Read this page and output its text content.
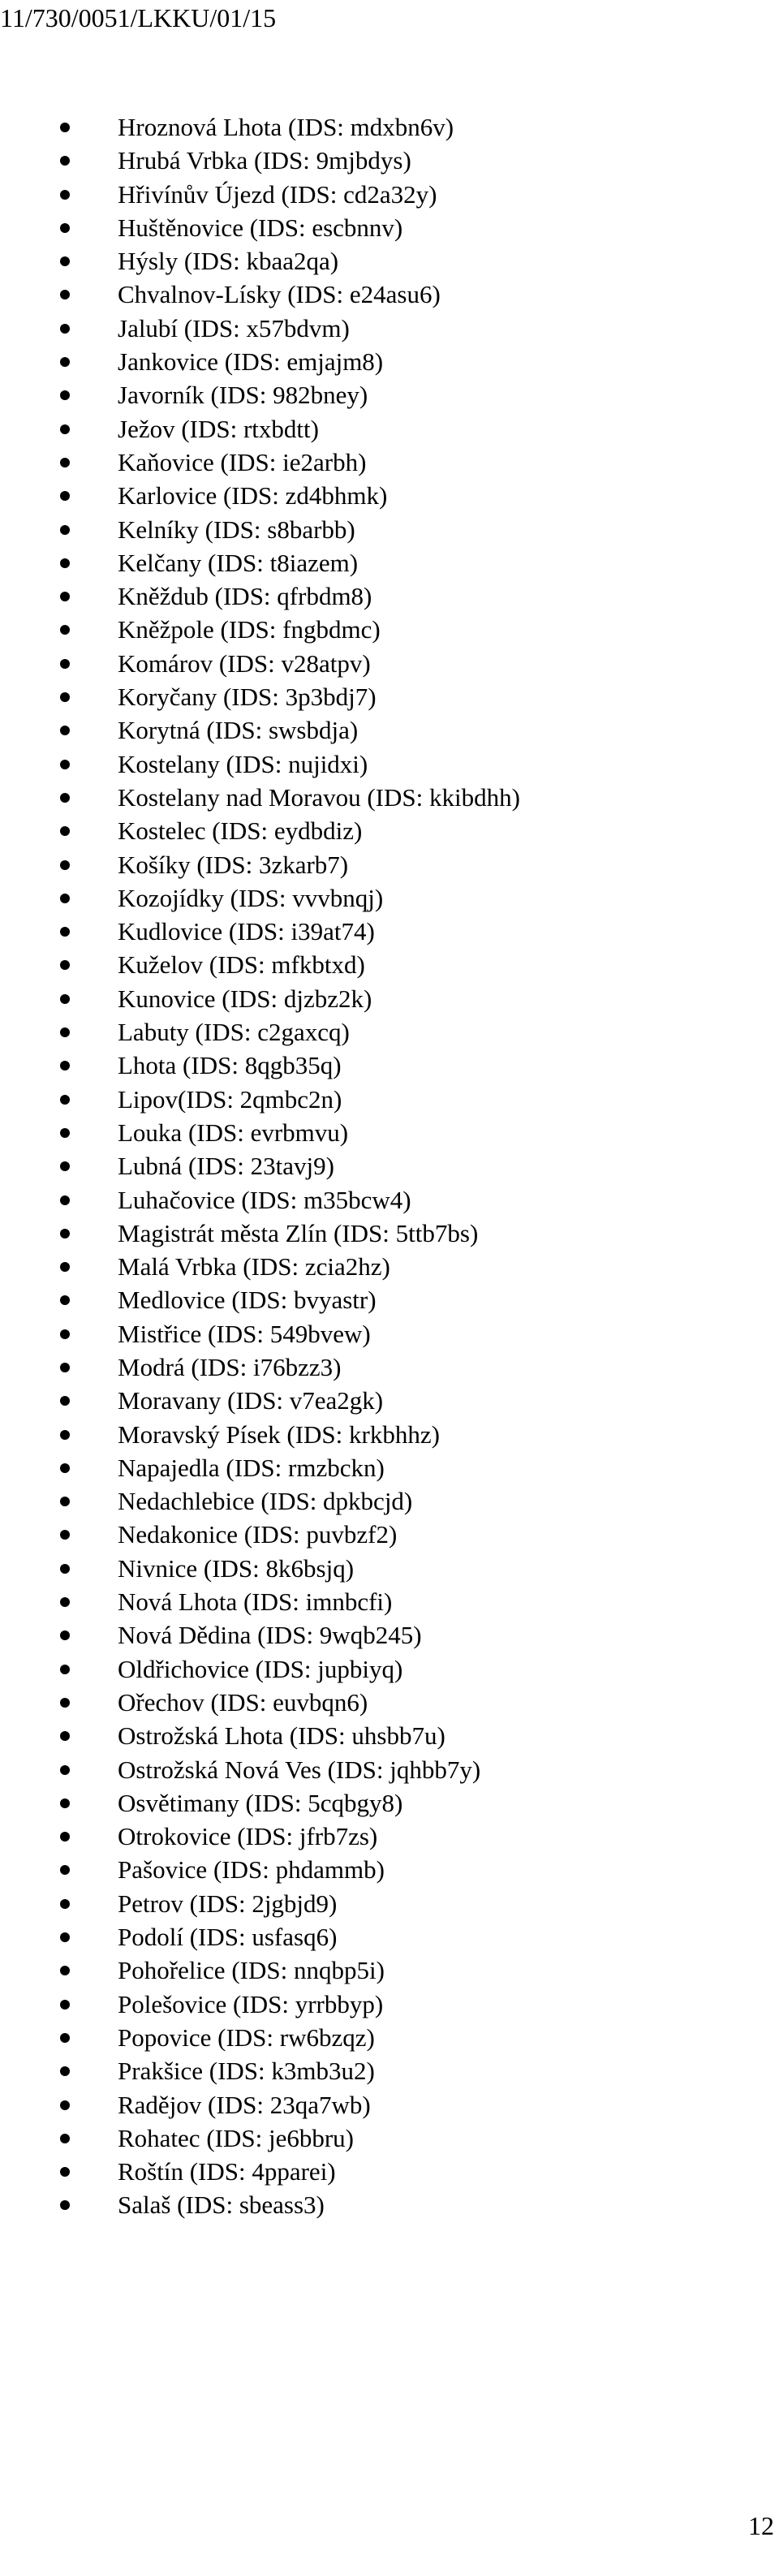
11/730/0051/LKKU/01/15
Hroznová Lhota (IDS: mdxbn6v)
Hrubá Vrbka (IDS: 9mjbdys)
Hřivínův Újezd (IDS: cd2a32y)
Huštěnovice (IDS: escbnnv)
Hýsly (IDS: kbaa2qa)
Chvalnov-Lísky (IDS: e24asu6)
Jalubí (IDS: x57bdvm)
Jankovice (IDS: emjajm8)
Javorník (IDS: 982bney)
Ježov (IDS: rtxbdtt)
Kaňovice (IDS: ie2arbh)
Karlovice (IDS: zd4bhmk)
Kelníky (IDS: s8barbb)
Kelčany (IDS: t8iazem)
Kněždub (IDS: qfrbdm8)
Kněžpole (IDS: fngbdmc)
Komárov (IDS: v28atpv)
Koryčany (IDS: 3p3bdj7)
Korytná (IDS: swsbdja)
Kostelany (IDS: nujidxi)
Kostelany nad Moravou (IDS: kkibdhh)
Kostelec (IDS: eydbdiz)
Košíky (IDS: 3zkarb7)
Kozojídky (IDS: vvvbnqj)
Kudlovice (IDS: i39at74)
Kuželov (IDS: mfkbtxd)
Kunovice (IDS: djzbz2k)
Labuty (IDS: c2gaxcq)
Lhota (IDS: 8qgb35q)
Lipov(IDS: 2qmbc2n)
Louka (IDS: evrbmvu)
Lubná (IDS: 23tavj9)
Luhačovice (IDS: m35bcw4)
Magistrát města Zlín (IDS: 5ttb7bs)
Malá Vrbka (IDS: zcia2hz)
Medlovice (IDS: bvyastr)
Mistřice (IDS: 549bvew)
Modrá (IDS: i76bzz3)
Moravany (IDS: v7ea2gk)
Moravský Písek (IDS: krkbhhz)
Napajedla (IDS: rmzbckn)
Nedachlebice (IDS: dpkbcjd)
Nedakonice (IDS: puvbzf2)
Nivnice (IDS: 8k6bsjq)
Nová Lhota (IDS: imnbcfi)
Nová Dědina (IDS: 9wqb245)
Oldřichovice (IDS: jupbiyq)
Ořechov (IDS: euvbqn6)
Ostrožská Lhota (IDS: uhsbb7u)
Ostrožská Nová Ves (IDS: jqhbb7y)
Osvětimany (IDS: 5cqbgy8)
Otrokovice (IDS: jfrb7zs)
Pašovice (IDS: phdammb)
Petrov (IDS: 2jgbjd9)
Podolí (IDS: usfasq6)
Pohořelice (IDS: nnqbp5i)
Polešovice (IDS: yrrbbyp)
Popovice (IDS: rw6bzqz)
Prakšice (IDS: k3mb3u2)
Radějov (IDS: 23qa7wb)
Rohatec (IDS: je6bbru)
Roštín (IDS: 4pparei)
Salaš (IDS: sbeass3)
12
